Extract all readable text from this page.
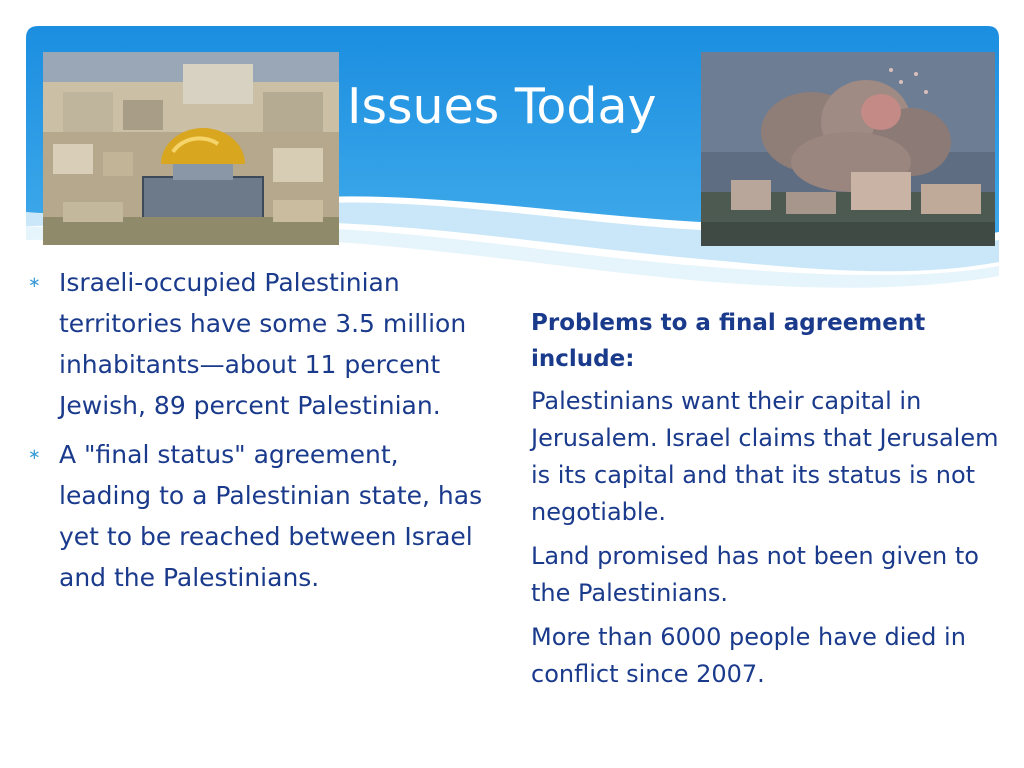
Issues Today
∗ Israeli-occupied Palestinian territories have some 3.5 million inhabitants—about 11 percent Jewish, 89 percent Palestinian.
∗ A "final status" agreement, leading to a Palestinian state, has yet to be reached between Israel and the Palestinians.
Problems to a final agreement include:

Palestinians want their capital in Jerusalem. Israel claims that Jerusalem is its capital and that its status is not negotiable.

Land promised has not been given to the Palestinians.

More than 6000 people have died in conflict since 2007.
